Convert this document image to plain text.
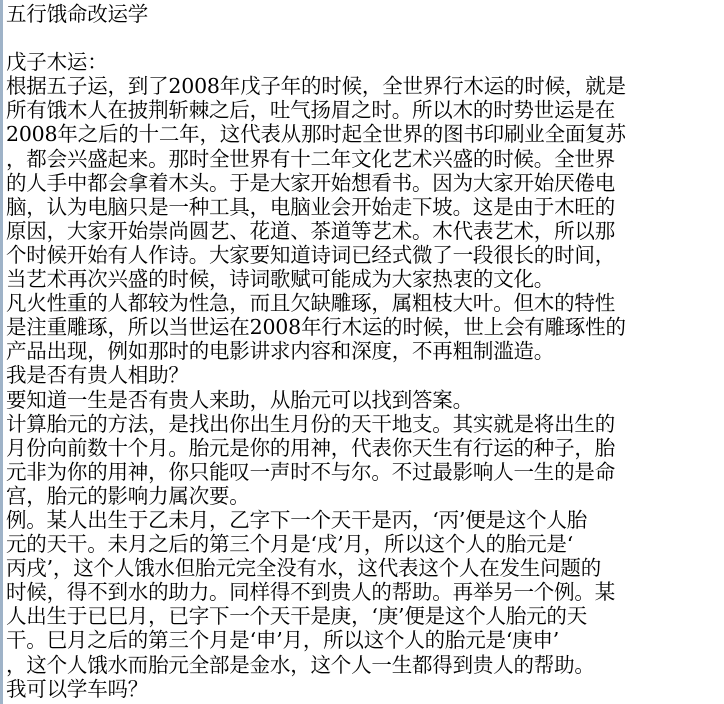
五行饿命改运学

戊子木运：
根据五子运，到了2008年戊子年的时候，全世界行木运的时候，就是
所有饿木人在披荆斩棘之后，吐气扬眉之时。所以木的时势世运是在
2008年之后的十二年，这代表从那时起全世界的图书印刷业全面复苏
，都会兴盛起来。那时全世界有十二年文化艺术兴盛的时候。全世界
的人手中都会拿着木头。于是大家开始想看书。因为大家开始厌倦电
脑，认为电脑只是一种工具，电脑业会开始走下坡。这是由于木旺的
原因，大家开始崇尚圆艺、花道、茶道等艺术。木代表艺术，所以那
个时候开始有人作诗。大家要知道诗词已经式微了一段很长的时间，
当艺术再次兴盛的时候，诗词歌赋可能成为大家热衷的文化。
凡火性重的人都较为性急，而且欠缺雕琢，属粗枝大叶。但木的特性
是注重雕琢，所以当世运在2008年行木运的时候，世上会有雕琢性的
产品出现，例如那时的电影讲求内容和深度，不再粗制滥造。
我是否有贵人相助？
要知道一生是否有贵人来助，从胎元可以找到答案。
计算胎元的方法，是找出你出生月份的天干地支。其实就是将出生的
月份向前数十个月。胎元是你的用神，代表你天生有行运的种子，胎
元非为你的用神，你只能叹一声时不与尔。不过最影响人一生的是命
宫，胎元的影响力属次要。
例。某人出生于乙未月，乙字下一个天干是丙，‘丙’便是这个人胎
元的天干。未月之后的第三个月是‘戌’月，所以这个人的胎元是‘
丙戌’，这个人饿水但胎元完全没有水，这代表这个人在发生问题的
时候，得不到水的助力。同样得不到贵人的帮助。再举另一个例。某
人出生于已巳月，已字下一个天干是庚，‘庚’便是这个人胎元的天
干。巳月之后的第三个月是‘申’月，所以这个人的胎元是‘庚申’
，这个人饿水而胎元全部是金水，这个人一生都得到贵人的帮助。
我可以学车吗？
